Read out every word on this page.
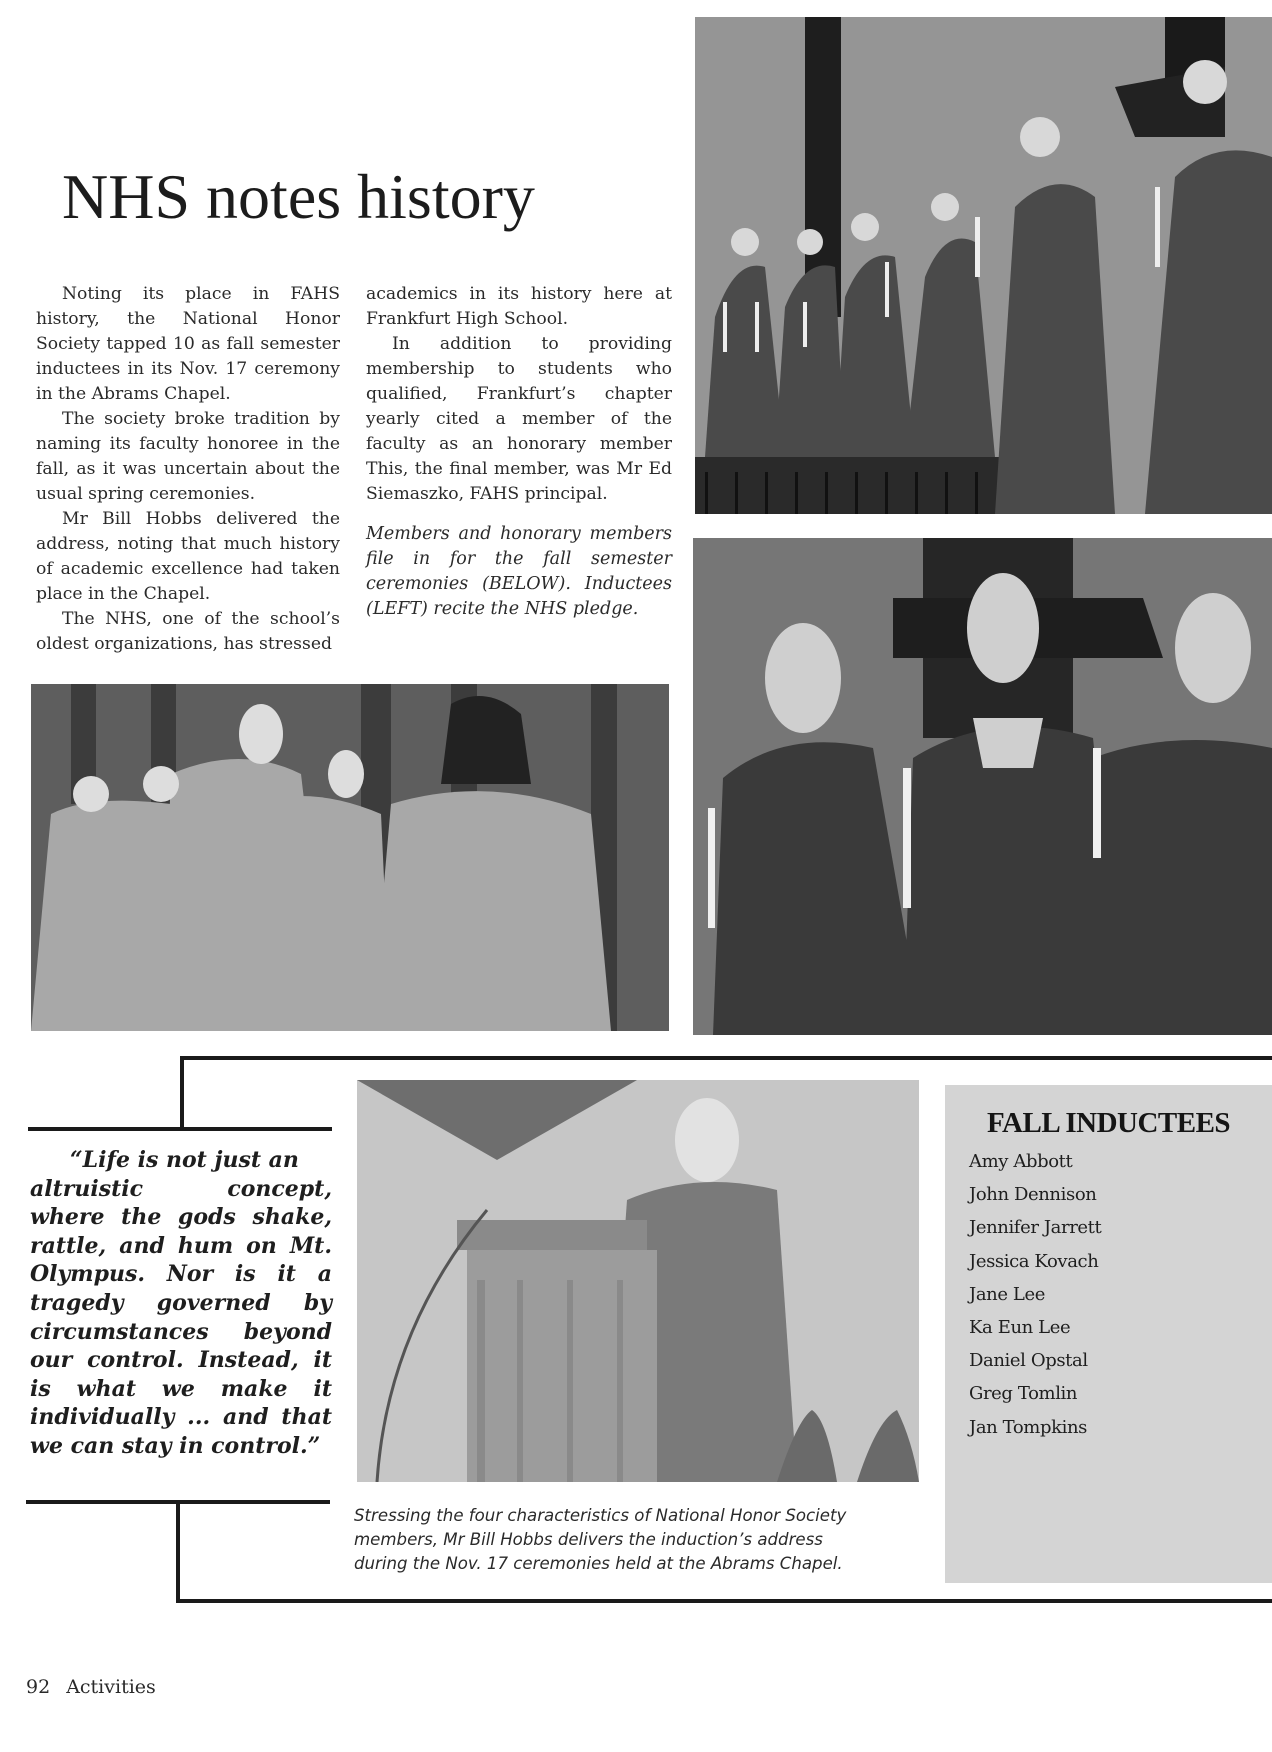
NHS notes history

Noting its place in FAHS history, the National Honor Society tapped 10 as fall semester inductees in its Nov. 17 ceremony in the Abrams Chapel.

The society broke tradition by naming its faculty honoree in the fall, as it was uncertain about the usual spring ceremonies.

Mr Bill Hobbs delivered the address, noting that much history of academic excellence had taken place in the Chapel.

The NHS, one of the school’s oldest organizations, has stressed

academics in its history here at Frankfurt High School.

In addition to providing membership to students who qualified, Frankfurt’s chapter yearly cited a member of the faculty as an honorary member This, the final member, was Mr Ed Siemaszko, FAHS principal.

Members and honorary members file in for the fall semester ceremonies (BELOW). Inductees (LEFT) recite the NHS pledge.
“Life is not just an
altruistic concept, where the gods shake, rattle, and hum on Mt. Olympus. Nor is it a tragedy governed by circumstances beyond our control. Instead, it is what we make it individually ... and that we can stay in control.”
Stressing the four characteristics of National Honor Society
members, Mr Bill Hobbs delivers the induction’s address
during the Nov. 17 ceremonies held at the Abrams Chapel.
FALL INDUCTEES
Amy Abbott
John Dennison
Jennifer Jarrett
Jessica Kovach
Jane Lee
Ka Eun Lee
Daniel Opstal
Greg Tomlin
Jan Tompkins
92 Activities
